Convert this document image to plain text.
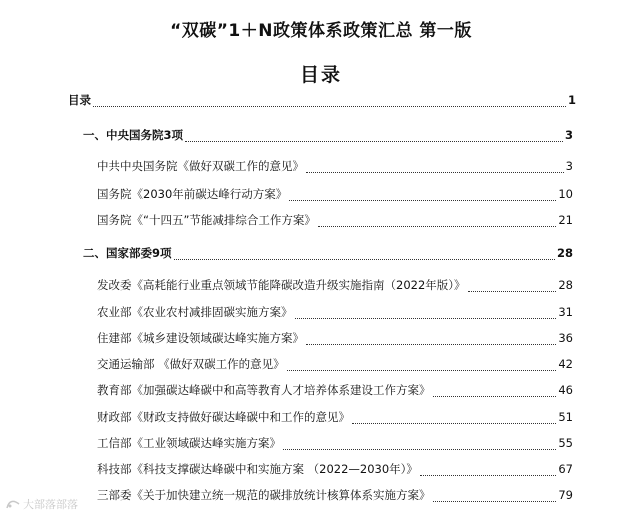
“双碳”1＋N政策体系政策汇总 第一版
目录
目录	1
一、中央国务院3项	3
中共中央国务院《做好双碳工作的意见》	3
国务院《2030年前碳达峰行动方案》	10
国务院《“十四五”节能减排综合工作方案》	21
二、国家部委9项	28
发改委《高耗能行业重点领域节能降碳改造升级实施指南（2022年版）》	28
农业部《农业农村减排固碳实施方案》	31
住建部《城乡建设领域碳达峰实施方案》	36
交通运输部 《做好双碳工作的意见》	42
教育部《加强碳达峰碳中和高等教育人才培养体系建设工作方案》	46
财政部《财政支持做好碳达峰碳中和工作的意见》	51
工信部《工业领域碳达峰实施方案》	55
科技部《科技支撑碳达峰碳中和实施方案 （2022—2030年）》	67
三部委《关于加快建立统一规范的碳排放统计核算体系实施方案》	79
大部落部落
